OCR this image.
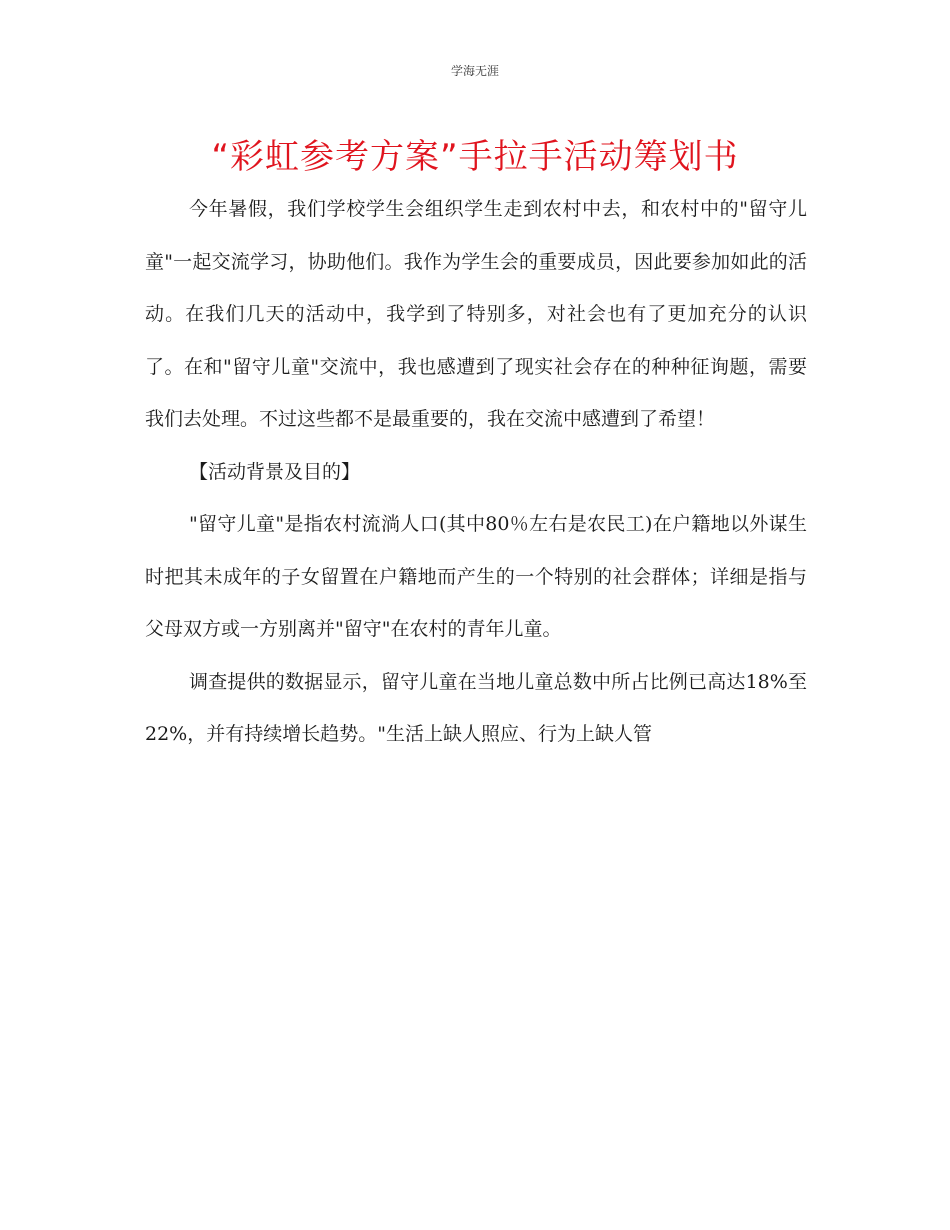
学海无涯
“彩虹参考方案”手拉手活动筹划书

今年暑假，我们学校学生会组织学生走到农村中去，和农村中的"留守儿童"一起交流学习，协助他们。我作为学生会的重要成员，因此要参加如此的活动。在我们几天的活动中，我学到了特别多，对社会也有了更加充分的认识了。在和"留守儿童"交流中，我也感遭到了现实社会存在的种种征询题，需要我们去处理。不过这些都不是最重要的，我在交流中感遭到了希望！

【活动背景及目的】

"留守儿童"是指农村流淌人口(其中80％左右是农民工)在户籍地以外谋生时把其未成年的子女留置在户籍地而产生的一个特别的社会群体；详细是指与父母双方或一方别离并"留守"在农村的青年儿童。

调查提供的数据显示，留守儿童在当地儿童总数中所占比例已高达18%至22%，并有持续增长趋势。"生活上缺人照应、行为上缺人管
